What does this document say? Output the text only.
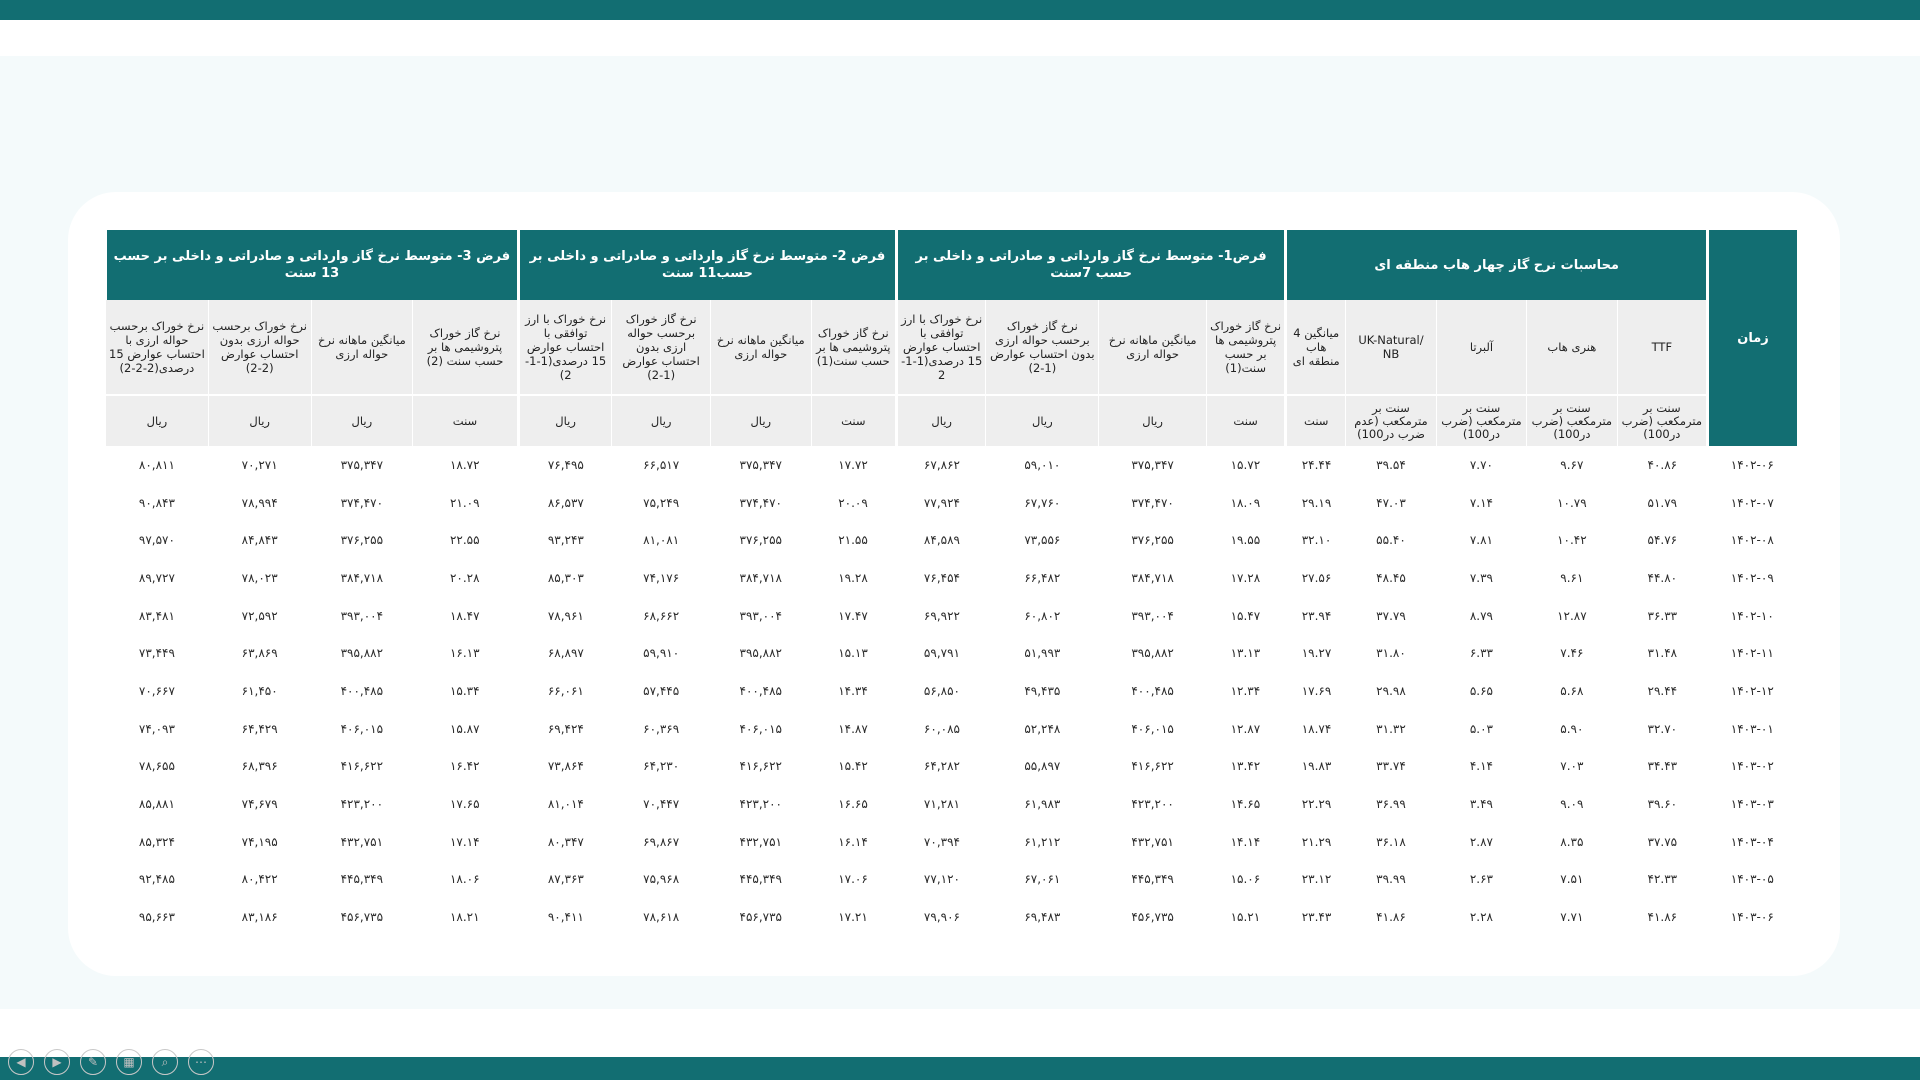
زمان	محاسبات نرح گاز چهار هاب منطقه ای					فرض1- متوسط نرخ گاز وارداتی و صادراتی و داخلی بر حسب 7سنت				فرض 2- متوسط نرخ گاز وارداتی و صادراتی و داخلی بر حسب11 سنت				فرض 3- متوسط نرخ گاز وارداتی و صادراتی و داخلی بر حسب 13 سنت			
	TTF	هنری هاب	آلبرتا	UK-Natural/ NB	میانگین 4 هاب منطقه ای	نرخ گاز خوراک پتروشیمی ها بر حسب سنت(1)	میانگین ماهانه نرخ حواله ارزی	نرخ گاز خوراک برحسب حواله ارزی بدون احتساب عوارض (1-2)	نرخ خوراک با ارز توافقی با احتساب عوارض 15 درصدی(1-1-2	نرخ گاز خوراک پتروشیمی ها بر حسب سنت(1)	میانگین ماهانه نرخ حواله ارزی	نرخ گاز خوراک برحسب حواله ارزی بدون احتساب عوارض (1-2)	نرخ خوراک با ارز توافقی با احتساب عوارض 15 درصدی(1-1-2)	نرخ گاز خوراک پتروشیمی ها بر حسب سنت (2)	میانگین ماهانه نرخ حواله ارزی	نرخ خوراک برحسب حواله ارزی بدون احتساب عوارض (2-2)	نرخ خوراک برحسب حواله ارزی با احتساب عوارض 15 درصدی(2-2-2)
	سنت بر مترمکعب (ضرب در100)	سنت بر مترمکعب (ضرب در100)	سنت بر مترمکعب (ضرب در100)	سنت بر مترمکعب (عدم ضرب در100)	سنت	سنت	ریال	ریال	ریال	سنت	ریال	ریال	ریال	سنت	ریال	ریال	ریال
۱۴۰۲-۰۶	۴۰.۸۶	۹.۶۷	۷.۷۰	۳۹.۵۴	۲۴.۴۴	۱۵.۷۲	۳۷۵,۳۴۷	۵۹,۰۱۰	۶۷,۸۶۲	۱۷.۷۲	۳۷۵,۳۴۷	۶۶,۵۱۷	۷۶,۴۹۵	۱۸.۷۲	۳۷۵,۳۴۷	۷۰,۲۷۱	۸۰,۸۱۱
۱۴۰۲-۰۷	۵۱.۷۹	۱۰.۷۹	۷.۱۴	۴۷.۰۳	۲۹.۱۹	۱۸.۰۹	۳۷۴,۴۷۰	۶۷,۷۶۰	۷۷,۹۲۴	۲۰.۰۹	۳۷۴,۴۷۰	۷۵,۲۴۹	۸۶,۵۳۷	۲۱.۰۹	۳۷۴,۴۷۰	۷۸,۹۹۴	۹۰,۸۴۳
۱۴۰۲-۰۸	۵۴.۷۶	۱۰.۴۲	۷.۸۱	۵۵.۴۰	۳۲.۱۰	۱۹.۵۵	۳۷۶,۲۵۵	۷۳,۵۵۶	۸۴,۵۸۹	۲۱.۵۵	۳۷۶,۲۵۵	۸۱,۰۸۱	۹۳,۲۴۳	۲۲.۵۵	۳۷۶,۲۵۵	۸۴,۸۴۳	۹۷,۵۷۰
۱۴۰۲-۰۹	۴۴.۸۰	۹.۶۱	۷.۳۹	۴۸.۴۵	۲۷.۵۶	۱۷.۲۸	۳۸۴,۷۱۸	۶۶,۴۸۲	۷۶,۴۵۴	۱۹.۲۸	۳۸۴,۷۱۸	۷۴,۱۷۶	۸۵,۳۰۳	۲۰.۲۸	۳۸۴,۷۱۸	۷۸,۰۲۳	۸۹,۷۲۷
۱۴۰۲-۱۰	۳۶.۳۳	۱۲.۸۷	۸.۷۹	۳۷.۷۹	۲۳.۹۴	۱۵.۴۷	۳۹۳,۰۰۴	۶۰,۸۰۲	۶۹,۹۲۲	۱۷.۴۷	۳۹۳,۰۰۴	۶۸,۶۶۲	۷۸,۹۶۱	۱۸.۴۷	۳۹۳,۰۰۴	۷۲,۵۹۲	۸۳,۴۸۱
۱۴۰۲-۱۱	۳۱.۴۸	۷.۴۶	۶.۳۳	۳۱.۸۰	۱۹.۲۷	۱۳.۱۳	۳۹۵,۸۸۲	۵۱,۹۹۳	۵۹,۷۹۱	۱۵.۱۳	۳۹۵,۸۸۲	۵۹,۹۱۰	۶۸,۸۹۷	۱۶.۱۳	۳۹۵,۸۸۲	۶۳,۸۶۹	۷۳,۴۴۹
۱۴۰۲-۱۲	۲۹.۴۴	۵.۶۸	۵.۶۵	۲۹.۹۸	۱۷.۶۹	۱۲.۳۴	۴۰۰,۴۸۵	۴۹,۴۳۵	۵۶,۸۵۰	۱۴.۳۴	۴۰۰,۴۸۵	۵۷,۴۴۵	۶۶,۰۶۱	۱۵.۳۴	۴۰۰,۴۸۵	۶۱,۴۵۰	۷۰,۶۶۷
۱۴۰۳-۰۱	۳۲.۷۰	۵.۹۰	۵.۰۳	۳۱.۳۲	۱۸.۷۴	۱۲.۸۷	۴۰۶,۰۱۵	۵۲,۲۴۸	۶۰,۰۸۵	۱۴.۸۷	۴۰۶,۰۱۵	۶۰,۳۶۹	۶۹,۴۲۴	۱۵.۸۷	۴۰۶,۰۱۵	۶۴,۴۲۹	۷۴,۰۹۳
۱۴۰۳-۰۲	۳۴.۴۳	۷.۰۳	۴.۱۴	۳۳.۷۴	۱۹.۸۳	۱۳.۴۲	۴۱۶,۶۲۲	۵۵,۸۹۷	۶۴,۲۸۲	۱۵.۴۲	۴۱۶,۶۲۲	۶۴,۲۳۰	۷۳,۸۶۴	۱۶.۴۲	۴۱۶,۶۲۲	۶۸,۳۹۶	۷۸,۶۵۵
۱۴۰۳-۰۳	۳۹.۶۰	۹.۰۹	۳.۴۹	۳۶.۹۹	۲۲.۲۹	۱۴.۶۵	۴۲۳,۲۰۰	۶۱,۹۸۳	۷۱,۲۸۱	۱۶.۶۵	۴۲۳,۲۰۰	۷۰,۴۴۷	۸۱,۰۱۴	۱۷.۶۵	۴۲۳,۲۰۰	۷۴,۶۷۹	۸۵,۸۸۱
۱۴۰۳-۰۴	۳۷.۷۵	۸.۳۵	۲.۸۷	۳۶.۱۸	۲۱.۲۹	۱۴.۱۴	۴۳۲,۷۵۱	۶۱,۲۱۲	۷۰,۳۹۴	۱۶.۱۴	۴۳۲,۷۵۱	۶۹,۸۶۷	۸۰,۳۴۷	۱۷.۱۴	۴۳۲,۷۵۱	۷۴,۱۹۵	۸۵,۳۲۴
۱۴۰۳-۰۵	۴۲.۳۳	۷.۵۱	۲.۶۳	۳۹.۹۹	۲۳.۱۲	۱۵.۰۶	۴۴۵,۳۴۹	۶۷,۰۶۱	۷۷,۱۲۰	۱۷.۰۶	۴۴۵,۳۴۹	۷۵,۹۶۸	۸۷,۳۶۳	۱۸.۰۶	۴۴۵,۳۴۹	۸۰,۴۲۲	۹۲,۴۸۵
۱۴۰۳-۰۶	۴۱.۸۶	۷.۷۱	۲.۲۸	۴۱.۸۶	۲۳.۴۳	۱۵.۲۱	۴۵۶,۷۳۵	۶۹,۴۸۳	۷۹,۹۰۶	۱۷.۲۱	۴۵۶,۷۳۵	۷۸,۶۱۸	۹۰,۴۱۱	۱۸.۲۱	۴۵۶,۷۳۵	۸۳,۱۸۶	۹۵,۶۶۳
◀	▶	✎	▦	⌕	⋯
